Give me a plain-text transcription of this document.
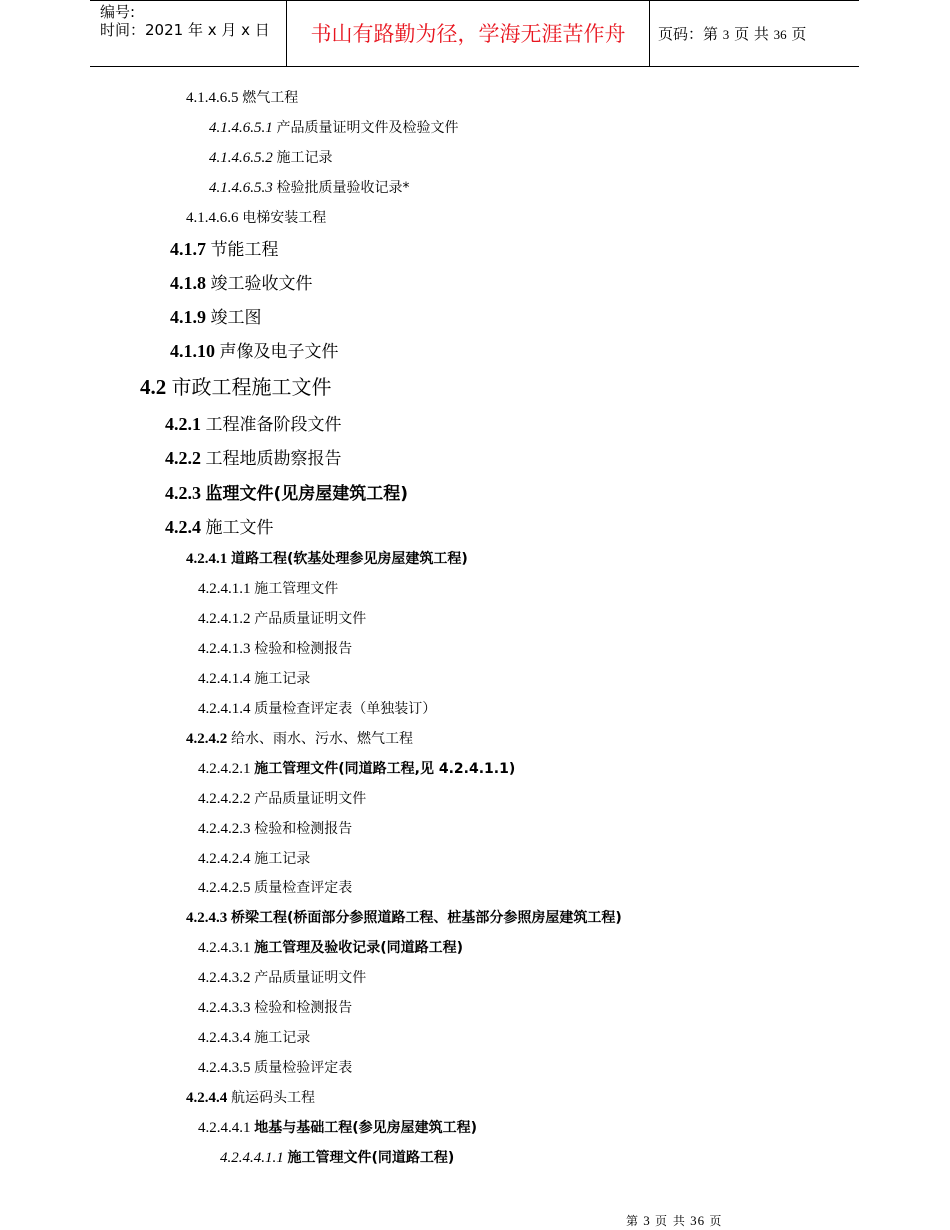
编号:
时间：2021 年 x 月 x 日	书山有路勤为径，学海无涯苦作舟	页码：第 3 页 共 36 页
4.1.4.6.5 燃气工程
4.1.4.6.5.1 产品质量证明文件及检验文件
4.1.4.6.5.2 施工记录
4.1.4.6.5.3 检验批质量验收记录*
4.1.4.6.6 电梯安装工程
4.1.7 节能工程
4.1.8 竣工验收文件
4.1.9 竣工图
4.1.10 声像及电子文件
4.2 市政工程施工文件
4.2.1 工程准备阶段文件
4.2.2 工程地质勘察报告
4.2.3 监理文件(见房屋建筑工程)
4.2.4 施工文件
4.2.4.1 道路工程(软基处理参见房屋建筑工程)
4.2.4.1.1 施工管理文件
4.2.4.1.2 产品质量证明文件
4.2.4.1.3 检验和检测报告
4.2.4.1.4 施工记录
4.2.4.1.4 质量检查评定表（单独装订）
4.2.4.2 给水、雨水、污水、燃气工程
4.2.4.2.1 施工管理文件(同道路工程,见 4.2.4.1.1)
4.2.4.2.2 产品质量证明文件
4.2.4.2.3 检验和检测报告
4.2.4.2.4 施工记录
4.2.4.2.5 质量检查评定表
4.2.4.3 桥梁工程(桥面部分参照道路工程、桩基部分参照房屋建筑工程)
4.2.4.3.1 施工管理及验收记录(同道路工程)
4.2.4.3.2 产品质量证明文件
4.2.4.3.3 检验和检测报告
4.2.4.3.4 施工记录
4.2.4.3.5 质量检验评定表
4.2.4.4 航运码头工程
4.2.4.4.1 地基与基础工程(参见房屋建筑工程)
4.2.4.4.1.1 施工管理文件(同道路工程)
第 3 页 共 36 页
